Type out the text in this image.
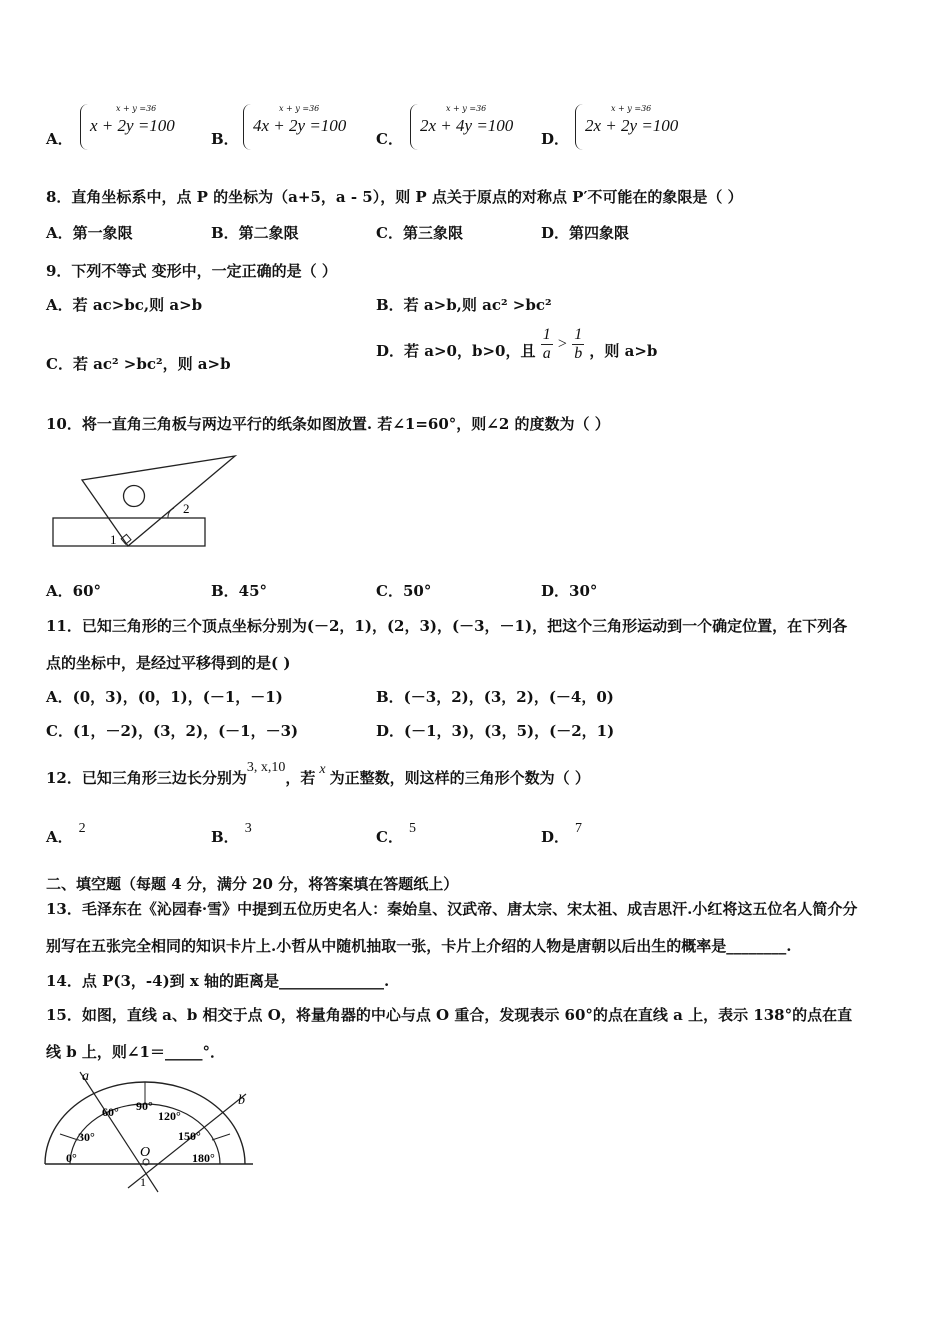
A．
x + y =36
x + 2y =100
B．
x + y =36
4x + 2y =100
C．
x + y =36
2x + 4y =100
D．
x + y =36
2x + 2y =100
8．直角坐标系中，点 P 的坐标为（a+5，a - 5），则 P 点关于原点的对称点 P′不可能在的象限是（ ）
A．第一象限	B．第二象限	C．第三象限	D．第四象限
9．下列不等式 变形中，一定正确的是（ ）
A．若 ac>bc,则 a>b	B．若 a>b,则 ac² >bc²
C．若 ac² >bc²，则 a>b
D．若 a>0，b>0，且 $\frac{1}{a} > \frac{1}{b}$ ，则 a>b
10．将一直角三角板与两边平行的纸条如图放置. 若∠1=60°，则∠2 的度数为（ ）
1
2
A．60°	B．45°	C．50°	D．30°
11．已知三角形的三个顶点坐标分别为(－2，1)，(2，3)，(－3，－1)，把这个三角形运动到一个确定位置，在下列各
点的坐标中，是经过平移得到的是( )
A．(0，3)，(0，1)，(－1，－1)	B．(－3，2)，(3，2)，(－4，0)
C．(1，－2)，(3，2)，(－1，－3)	D．(－1，3)，(3，5)，(－2，1)
12．已知三角形三边长分别为3, x,10，若 x 为正整数，则这样的三角形个数为（ ）
A． 2	B． 3	C． 5	D． 7
二、填空题（每题 4 分，满分 20 分，将答案填在答题纸上）
13．毛泽东在《沁园春·雪》中提到五位历史名人：秦始皇、汉武帝、唐太宗、宋太祖、成吉思汗.小红将这五位名人简介分
别写在五张完全相同的知识卡片上.小哲从中随机抽取一张，卡片上介绍的人物是唐朝以后出生的概率是________.
14．点 P(3，-4)到 x 轴的距离是______________.
15．如图，直线 a、b 相交于点 O，将量角器的中心与点 O 重合，发现表示 60°的点在直线 a 上，表示 138°的点在直
线 b 上，则∠1＝_____°．
a
b
O
1
0°
30°
60° 90°
120°
150°
180°
